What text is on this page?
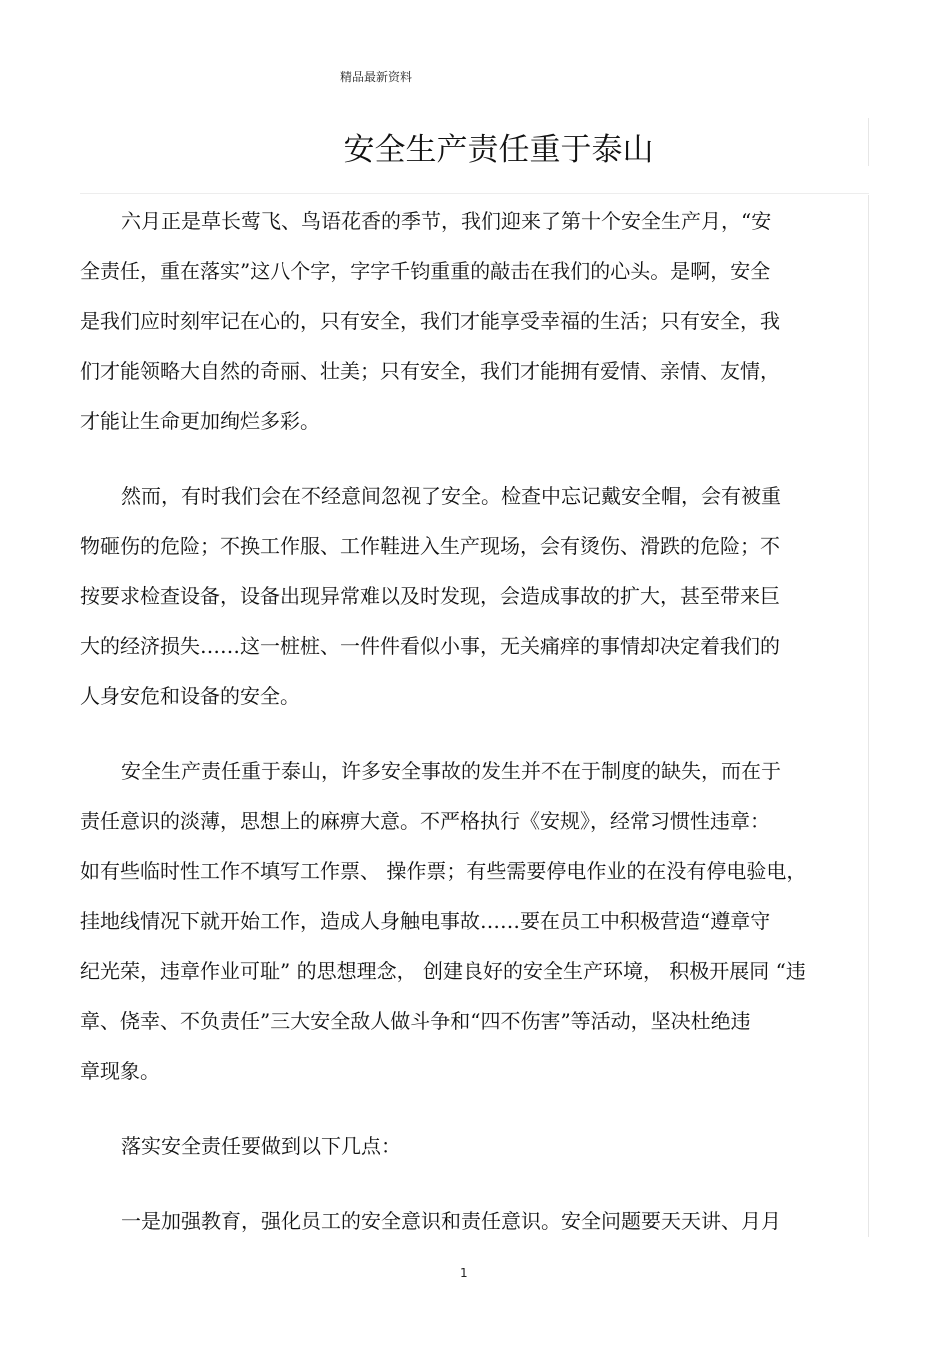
精品最新资料
安全生产责任重于泰山
六月正是草长莺飞、鸟语花香的季节，我们迎来了第十个安全生产月，“安
全责任，重在落实”这八个字，字字千钧重重的敲击在我们的心头。是啊，安全
是我们应时刻牢记在心的，只有安全，我们才能享受幸福的生活；只有安全，我
们才能领略大自然的奇丽、壮美；只有安全，我们才能拥有爱情、亲情、友情，
才能让生命更加绚烂多彩。
然而，有时我们会在不经意间忽视了安全。检查中忘记戴安全帽，会有被重
物砸伤的危险；不换工作服、工作鞋进入生产现场，会有烫伤、滑跌的危险；不
按要求检查设备，设备出现异常难以及时发现，会造成事故的扩大，甚至带来巨
大的经济损失……这一桩桩、一件件看似小事，无关痛痒的事情却决定着我们的
人身安危和设备的安全。
安全生产责任重于泰山，许多安全事故的发生并不在于制度的缺失，而在于
责任意识的淡薄，思想上的麻痹大意。不严格执行《安规》，经常习惯性违章：
如有些临时性工作不填写工作票、 操作票；有些需要停电作业的在没有停电验电，
挂地线情况下就开始工作，造成人身触电事故……要在员工中积极营造“遵章守
纪光荣，违章作业可耻” 的思想理念， 创建良好的安全生产环境， 积极开展同 “违
章、侥幸、不负责任”三大安全敌人做斗争和“四不伤害”等活动，坚决杜绝违
章现象。
落实安全责任要做到以下几点：
一是加强教育，强化员工的安全意识和责任意识。安全问题要天天讲、月月
1
